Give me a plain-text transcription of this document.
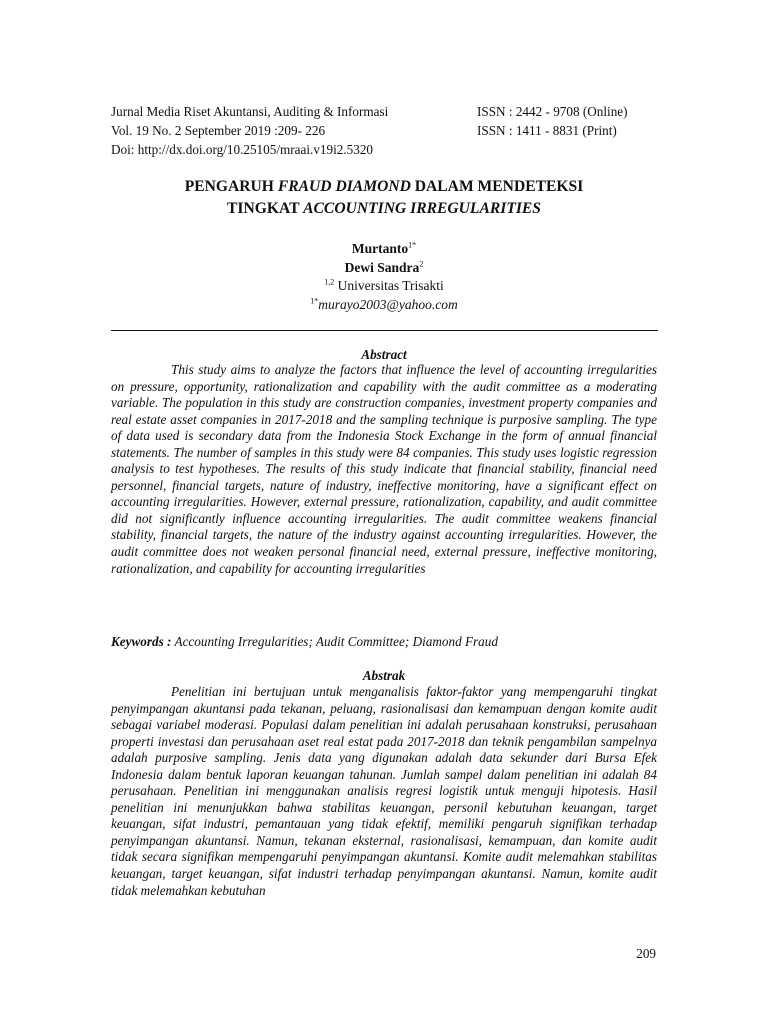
Jurnal Media Riset Akuntansi, Auditing & Informasi	ISSN : 2442 - 9708 (Online)
Vol. 19 No. 2 September 2019 :209- 226	ISSN : 1411 - 8831 (Print)
Doi: http://dx.doi.org/10.25105/mraai.v19i2.5320
PENGARUH FRAUD DIAMOND DALAM MENDETEKSI
TINGKAT ACCOUNTING IRREGULARITIES
Murtanto$^{1*}$
Dewi Sandra$^2$
$^{1,2}$ Universitas Trisakti
$^{1*}$murayo2003@yahoo.com
Abstract
This study aims to analyze the factors that influence the level of accounting irregularities on pressure, opportunity, rationalization and capability with the audit committee as a moderating variable. The population in this study are construction companies, investment property companies and real estate asset companies in 2017-2018 and the sampling technique is purposive sampling. The type of data used is secondary data from the Indonesia Stock Exchange in the form of annual financial statements. The number of samples in this study were 84 companies. This study uses logistic regression analysis to test hypotheses. The results of this study indicate that financial stability, financial need personnel, financial targets, nature of industry, ineffective monitoring, have a significant effect on accounting irregularities. However, external pressure, rationalization, capability, and audit committee did not significantly influence accounting irregularities. The audit committee weakens financial stability, financial targets, the nature of the industry against accounting irregularities. However, the audit committee does not weaken personal financial need, external pressure, ineffective monitoring, rationalization, and capability for accounting irregularities
Keywords : Accounting Irregularities; Audit Committee; Diamond Fraud
Abstrak
Penelitian ini bertujuan untuk menganalisis faktor-faktor yang mempengaruhi tingkat penyimpangan akuntansi pada tekanan, peluang, rasionalisasi dan kemampuan dengan komite audit sebagai variabel moderasi. Populasi dalam penelitian ini adalah perusahaan konstruksi, perusahaan properti investasi dan perusahaan aset real estat pada 2017-2018 dan teknik pengambilan sampelnya adalah purposive sampling. Jenis data yang digunakan adalah data sekunder dari Bursa Efek Indonesia dalam bentuk laporan keuangan tahunan. Jumlah sampel dalam penelitian ini adalah 84 perusahaan. Penelitian ini menggunakan analisis regresi logistik untuk menguji hipotesis. Hasil penelitian ini menunjukkan bahwa stabilitas keuangan, personil kebutuhan keuangan, target keuangan, sifat industri, pemantauan yang tidak efektif, memiliki pengaruh signifikan terhadap penyimpangan akuntansi. Namun, tekanan eksternal, rasionalisasi, kemampuan, dan komite audit tidak secara signifikan mempengaruhi penyimpangan akuntansi. Komite audit melemahkan stabilitas keuangan, target keuangan, sifat industri terhadap penyimpangan akuntansi. Namun, komite audit tidak melemahkan kebutuhan
209
